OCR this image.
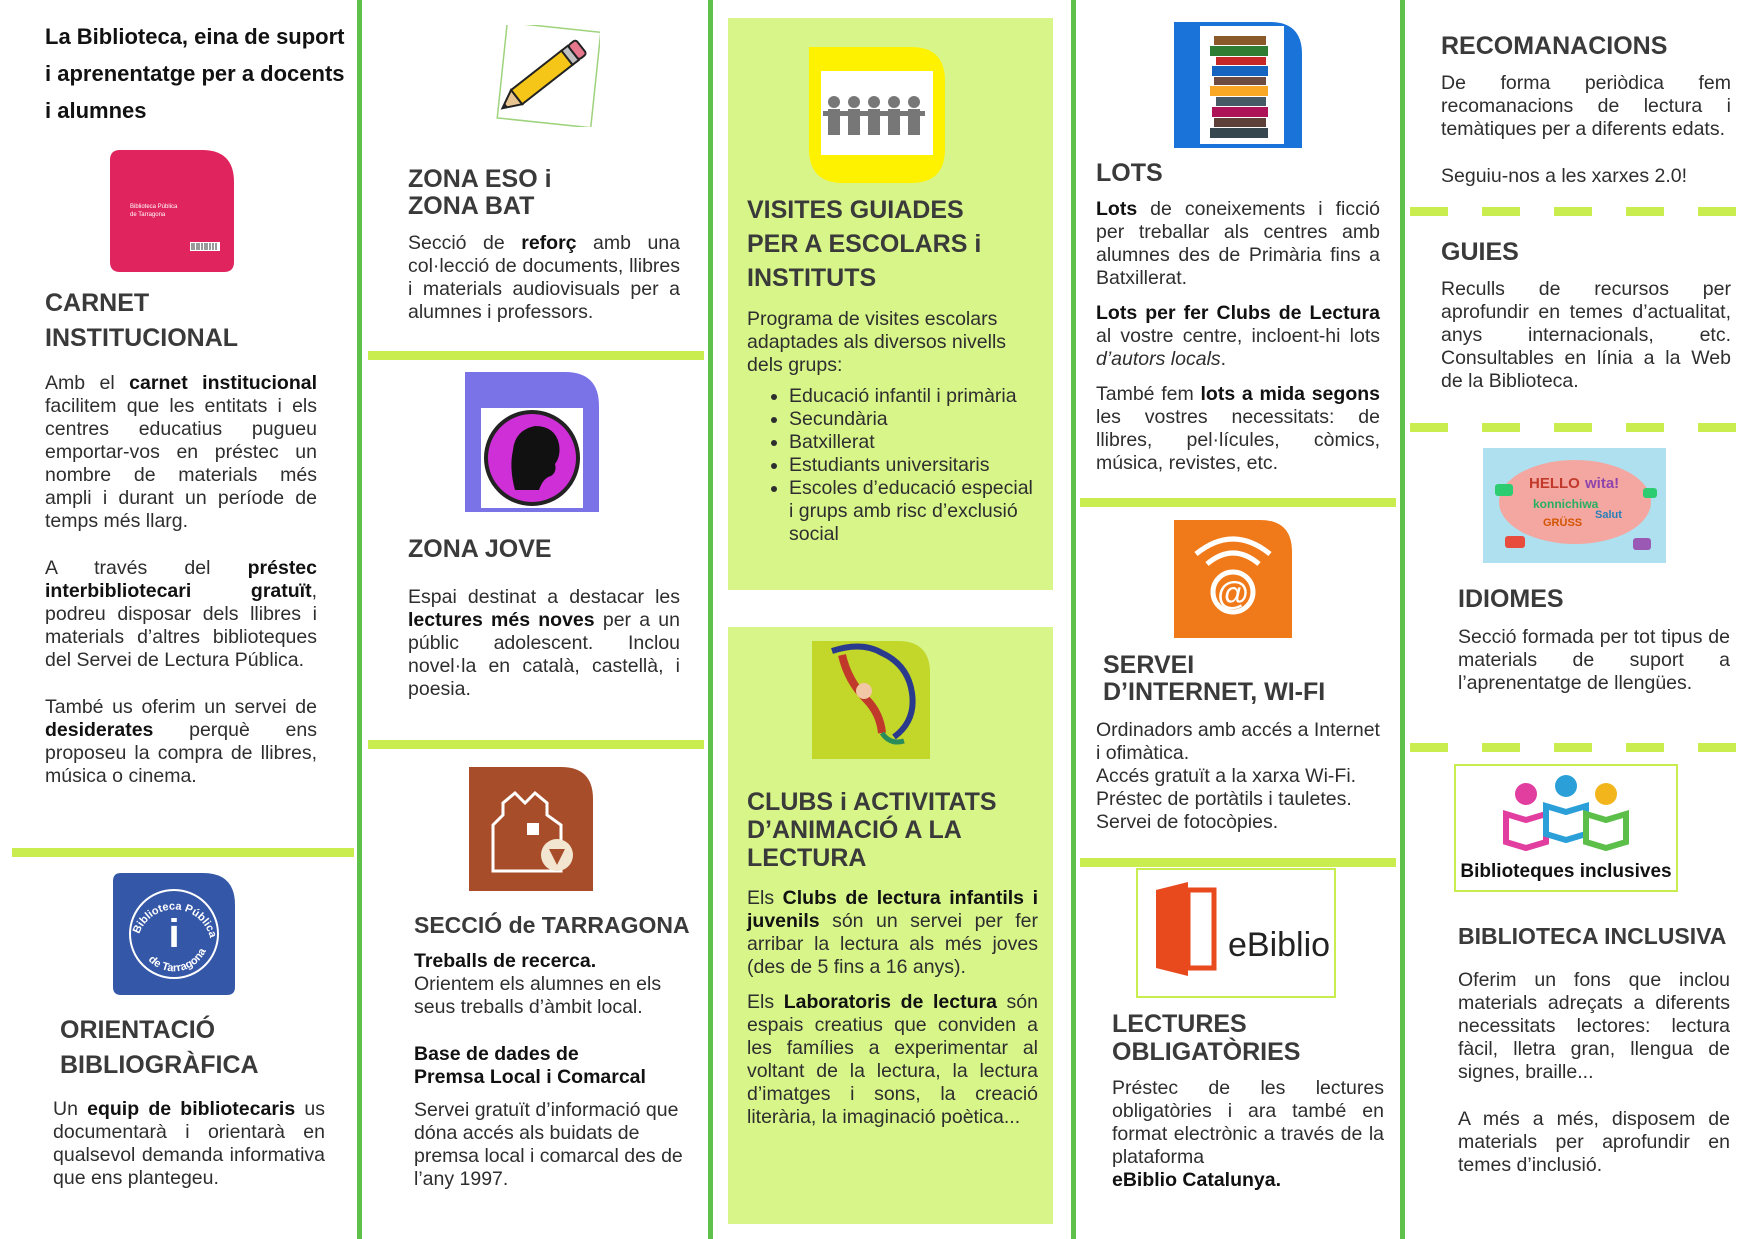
La Biblioteca, eina de suport i aprenentatge per a docents i alumnes
Biblioteca Pública
de Tarragona
CARNET
INSTITUCIONAL
Amb el carnet institucional facilitem que les entitats i els centres educatius pugueu emportar-vos en préstec un nombre de materials més ampli i durant un període de temps més llarg.
A través del préstec interbibliotecari gratuït, podreu disposar dels llibres i materials d’altres biblioteques del Servei de Lectura Pública.
També us oferim un servei de desiderates perquè ens proposeu la compra de llibres, música o cinema.
Biblioteca Pública
de Tarragona
i
ORIENTACIÓ
BIBLIOGRÀFICA
Un equip de bibliotecaris us documentarà i orientarà en qualsevol demanda informativa que ens plantegeu.
ZONA ESO i
ZONA BAT
Secció de reforç amb una col·lecció de documents, llibres i materials audiovisuals per a alumnes i professors.
ZONA JOVE
Espai destinat a destacar les lectures més noves per a un públic adolescent. Inclou novel·la en català, castellà, i poesia.
SECCIÓ de TARRAGONA
Treballs de recerca.
Orientem els alumnes en els seus treballs d’àmbit local.
Base de dades de
Premsa Local i Comarcal
Servei gratuït d’informació que dóna accés als buidats de premsa local i comarcal des de l’any 1997.
VISITES GUIADES
PER A ESCOLARS i
INSTITUTS
Programa de visites escolars adaptades als diversos nivells dels grups:
• Educació infantil i primària
• Secundària
• Batxillerat
• Estudiants universitaris
• Escoles d’educació especial i grups amb risc d’exclusió social
CLUBS i ACTIVITATS
D’ANIMACIÓ A LA
LECTURA
Els Clubs de lectura infantils i juvenils són un servei per fer arribar la lectura als més joves (des de 5 fins a 16 anys).
Els Laboratoris de lectura són espais creatius que conviden a les famílies a experimentar al voltant de la lectura, la lectura d’imatges i sons, la creació literària, la imaginació poètica...
LOTS
Lots de coneixements i ficció per treballar als centres amb alumnes des de Primària fins a Batxillerat.
Lots per fer Clubs de Lectura al vostre centre, incloent-hi lots d’autors locals.
També fem lots a mida segons les vostres necessitats: de llibres, pel·lícules, còmics, música, revistes, etc.
@
SERVEI
D’INTERNET, WI-FI
Ordinadors amb accés a Internet i ofimàtica.
Accés gratuït a la xarxa Wi-Fi.
Préstec de portàtils i tauletes.
Servei de fotocòpies.
eBiblio
LECTURES
OBLIGATÒRIES
Préstec de les lectures obligatòries i ara també en format electrònic a través de la plataforma
eBiblio Catalunya.
RECOMANACIONS
De forma periòdica fem recomanacions de lectura i temàtiques per a diferents edats.
Seguiu-nos a les xarxes 2.0!
GUIES
Reculls de recursos per aprofundir en temes d’actualitat, anys internacionals, etc. Consultables en línia a la Web de la Biblioteca.
HELLO wita!
konnichiwa
GRÜSS
Salut
IDIOMES
Secció formada per tot tipus de materials de suport a l’aprenentatge de llengües.
Biblioteques inclusives
BIBLIOTECA INCLUSIVA
Oferim un fons que inclou materials adreçats a diferents necessitats lectores: lectura fàcil, lletra gran, llengua de signes, braille...
A més a més, disposem de materials per aprofundir en temes d’inclusió.
